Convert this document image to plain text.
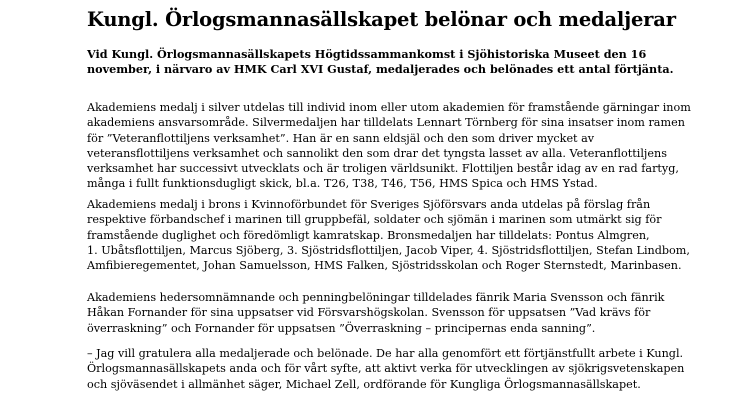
Kungl. Örlogsmannasällskapet belönar och medaljerar

Vid Kungl. Örlogsmannasällskapets Högtidssammankomst i Sjöhistoriska Museet den 16
november, i närvaro av HMK Carl XVI Gustaf, medaljerades och belönades ett antal förtjänta.

Akademiens medalj i silver utdelas till individ inom eller utom akademien för framstående gärningar inom
akademiens ansvarsområde. Silvermedaljen har tilldelats Lennart Törnberg för sina insatser inom ramen
för ”Veteranflottiljens verksamhet”. Han är en sann eldsjäl och den som driver mycket av
veteransflottiljens verksamhet och sannolikt den som drar det tyngsta lasset av alla. Veteranflottiljens
verksamhet har successivt utvecklats och är troligen världsunikt. Flottiljen består idag av en rad fartyg,
många i fullt funktionsdugligt skick, bl.a. T26, T38, T46, T56, HMS Spica och HMS Ystad.

Akademiens medalj i brons i Kvinnoförbundet för Sveriges Sjöförsvars anda utdelas på förslag från
respektive förbandschef i marinen till gruppbefäl, soldater och sjömän i marinen som utmärkt sig för
framstående duglighet och föredömligt kamratskap. Bronsmedaljen har tilldelats: Pontus Almgren,
1. Ubåtsflottiljen, Marcus Sjöberg, 3. Sjöstridsflottiljen, Jacob Viper, 4. Sjöstridsflottiljen, Stefan Lindbom,
Amfibieregementet, Johan Samuelsson, HMS Falken, Sjöstridsskolan och Roger Sternstedt, Marinbasen.

Akademiens hedersomnämnande och penningbelöningar tilldelades fänrik Maria Svensson och fänrik
Håkan Fornander för sina uppsatser vid Försvarshögskolan. Svensson för uppsatsen ”Vad krävs för
överraskning” och Fornander för uppsatsen ”Överraskning – principernas enda sanning”.

– Jag vill gratulera alla medaljerade och belönade. De har alla genomfört ett förtjänstfullt arbete i Kungl.
Örlogsmannasällskapets anda och för vårt syfte, att aktivt verka för utvecklingen av sjökrigsvetenskapen
och sjöväsendet i allmänhet säger, Michael Zell, ordförande för Kungliga Örlogsmannasällskapet.
